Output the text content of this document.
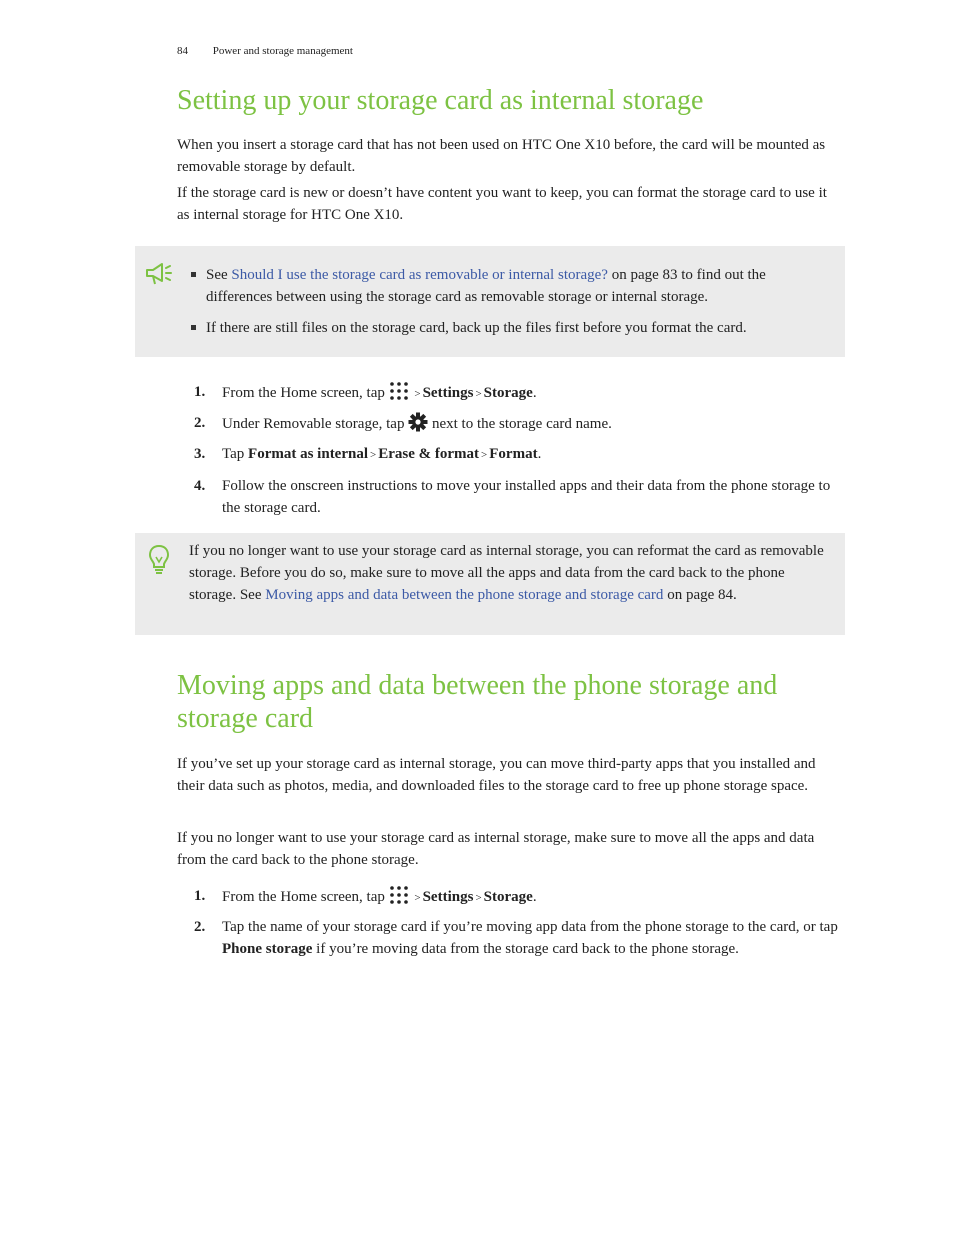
84 Power and storage management
Setting up your storage card as internal storage

When you insert a storage card that has not been used on HTC One X10 before, the card will be mounted as removable storage by default.

If the storage card is new or doesn’t have content you want to keep, you can format the storage card to use it as internal storage for HTC One X10.

See Should I use the storage card as removable or internal storage? on page 83 to find out the differences between using the storage card as removable storage or internal storage.
If there are still files on the storage card, back up the files first before you format the card.
1. From the Home screen, tap  > Settings > Storage.
2. Under Removable storage, tap  next to the storage card name.
3. Tap Format as internal > Erase & format > Format.
4. Follow the onscreen instructions to move your installed apps and their data from the phone storage to the storage card.
If you no longer want to use your storage card as internal storage, you can reformat the card as removable storage. Before you do so, make sure to move all the apps and data from the card back to the phone storage. See Moving apps and data between the phone storage and storage card on page 84.
Moving apps and data between the phone storage and storage card

If you’ve set up your storage card as internal storage, you can move third-party apps that you installed and their data such as photos, media, and downloaded files to the storage card to free up phone storage space.

If you no longer want to use your storage card as internal storage, make sure to move all the apps and data from the card back to the phone storage.

1. From the Home screen, tap  > Settings > Storage.
2. Tap the name of your storage card if you’re moving app data from the phone storage to the card, or tap Phone storage if you’re moving data from the storage card back to the phone storage.
